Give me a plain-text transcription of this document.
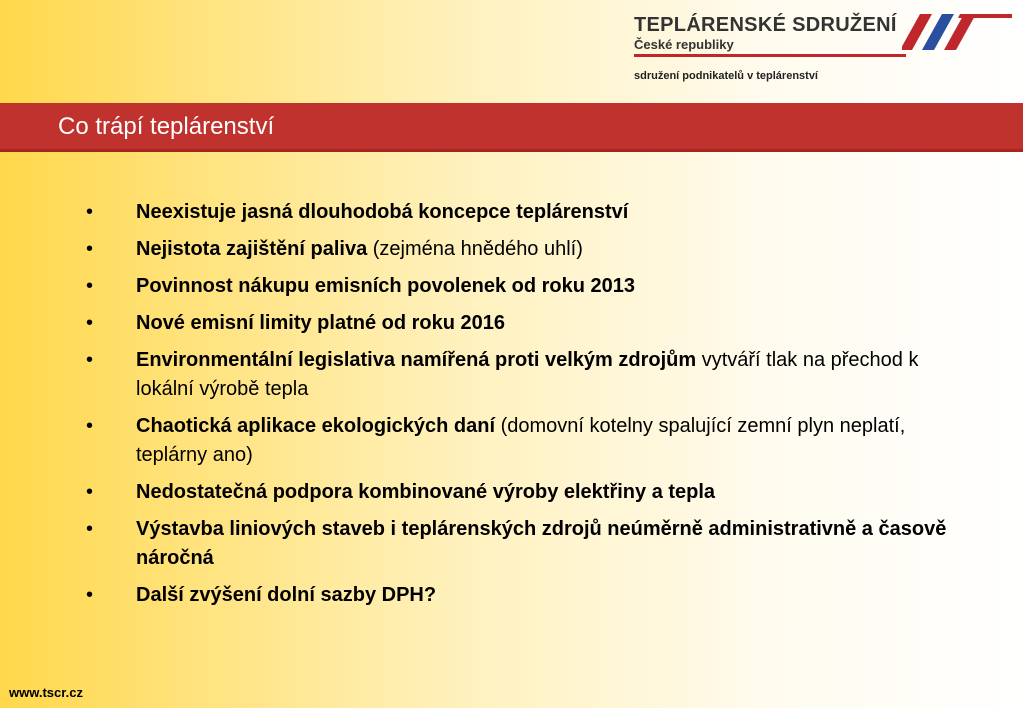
TEPLÁRENSKÉ SDRUŽENÍ
České republiky
sdružení podnikatelů v teplárenství
Co trápí teplárenství
• Neexistuje jasná dlouhodobá koncepce teplárenství
• Nejistota zajištění paliva (zejména hnědého uhlí)
• Povinnost nákupu emisních povolenek od roku 2013
• Nové emisní limity platné od roku 2016
• Environmentální legislativa namířená proti velkým zdrojům vytváří tlak na přechod k lokální výrobě tepla
• Chaotická aplikace ekologických daní (domovní kotelny spalující zemní plyn neplatí, teplárny ano)
• Nedostatečná podpora kombinované výroby elektřiny a tepla
• Výstavba liniových staveb i teplárenských zdrojů neúměrně administrativně a časově náročná
• Další zvýšení dolní sazby DPH?
www.tscr.cz
